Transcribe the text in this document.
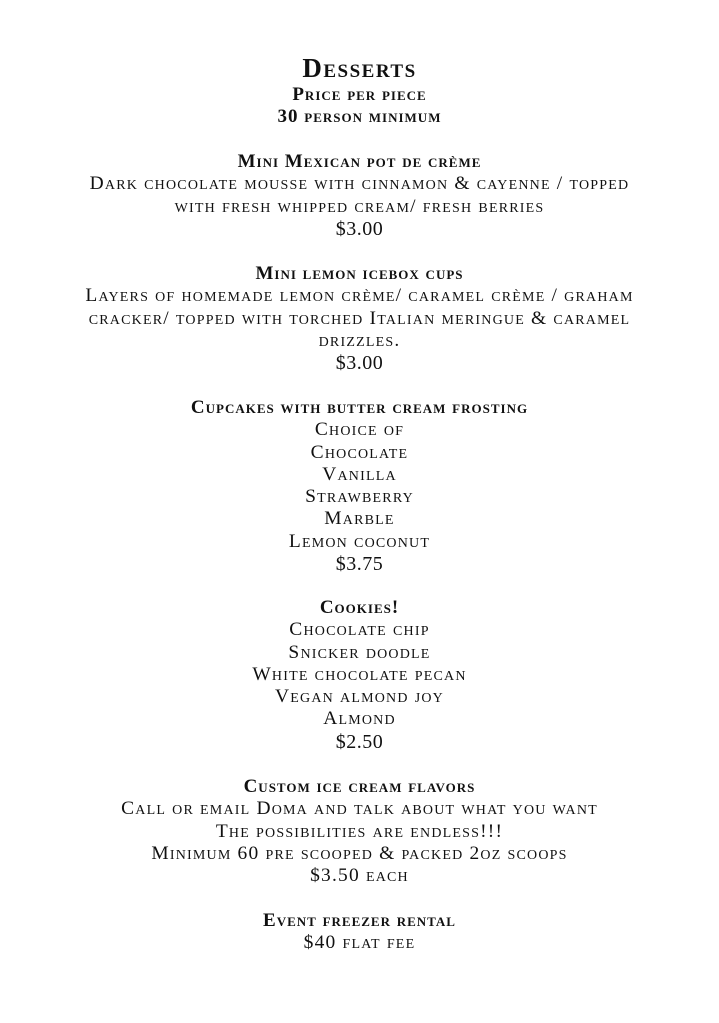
Desserts
Price per piece
30 person minimum
Mini Mexican pot de crème
Dark chocolate mousse with cinnamon & cayenne / topped
with fresh whipped cream/ fresh berries
$3.00
Mini lemon icebox cups
Layers of homemade lemon crème/ caramel crème / graham
cracker/ topped with torched Italian meringue & caramel
drizzles.
$3.00
Cupcakes with butter cream frosting
Choice of
Chocolate
Vanilla
Strawberry
Marble
Lemon coconut
$3.75
Cookies!
Chocolate chip
Snicker doodle
White chocolate pecan
Vegan almond joy
Almond
$2.50
Custom ice cream flavors
Call or email Doma and talk about what you want
The possibilities are endless!!!
Minimum 60 pre scooped & packed 2oz scoops
$3.50 each
Event freezer rental
$40 flat fee
